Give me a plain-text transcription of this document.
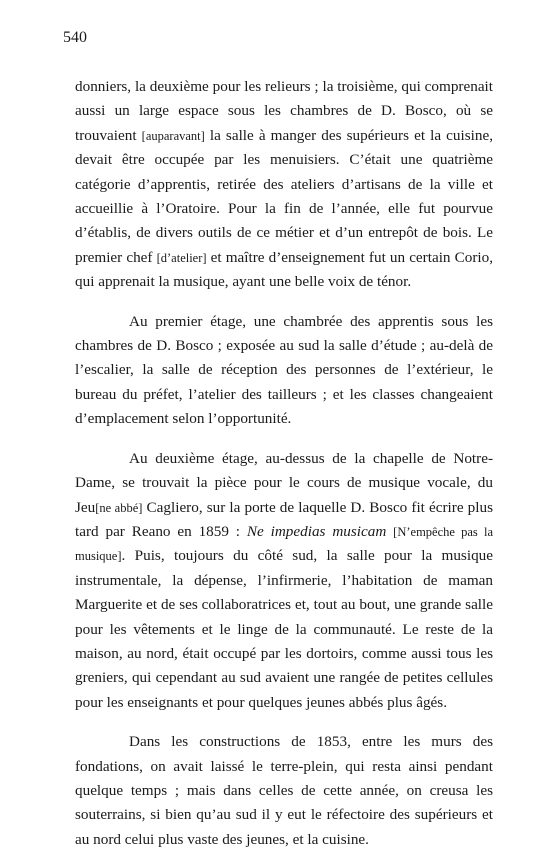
540

donniers, la deuxième pour les relieurs ; la troisième, qui comprenait aussi un large espace sous les chambres de D. Bosco, où se trouvaient [auparavant] la salle à manger des supérieurs et la cuisine, devait être occupée par les menuisiers. C’était une quatrième catégorie d’apprentis, retirée des ateliers d’artisans de la ville et accueillie à l’Oratoire. Pour la fin de l’année, elle fut pourvue d’établis, de divers outils de ce métier et d’un entrepôt de bois. Le premier chef [d’atelier] et maître d’enseignement fut un certain Corio, qui apprenait la musique, ayant une belle voix de ténor.

Au premier étage, une chambrée des apprentis sous les chambres de D. Bosco ; exposée au sud la salle d’étude ; au-delà de l’escalier, la salle de réception des personnes de l’extérieur, le bureau du préfet, l’atelier des tailleurs ; et les classes changeaient d’emplacement selon l’opportunité.

Au deuxième étage, au-dessus de la chapelle de Notre-Dame, se trouvait la pièce pour le cours de musique vocale, du Jeu[ne abbé] Cagliero, sur la porte de laquelle D. Bosco fit écrire plus tard par Reano en 1859 : Ne impedias musicam [N’empêche pas la musique]. Puis, toujours du côté sud, la salle pour la musique instrumentale, la dépense, l’infirmerie, l’habitation de maman Marguerite et de ses collaboratrices et, tout au bout, une grande salle pour les vêtements et le linge de la communauté. Le reste de la maison, au nord, était occupé par les dortoirs, comme aussi tous les greniers, qui cependant au sud avaient une rangée de petites cellules pour les enseignants et pour quelques jeunes abbés plus âgés.

Dans les constructions de 1853, entre les murs des fondations, on avait laissé le terre-plein, qui resta ainsi pendant quelque temps ; mais dans celles de cette année, on creusa les souterrains, si bien qu’au sud il y eut le réfectoire des supérieurs et au nord celui plus vaste des jeunes, et la cuisine.
